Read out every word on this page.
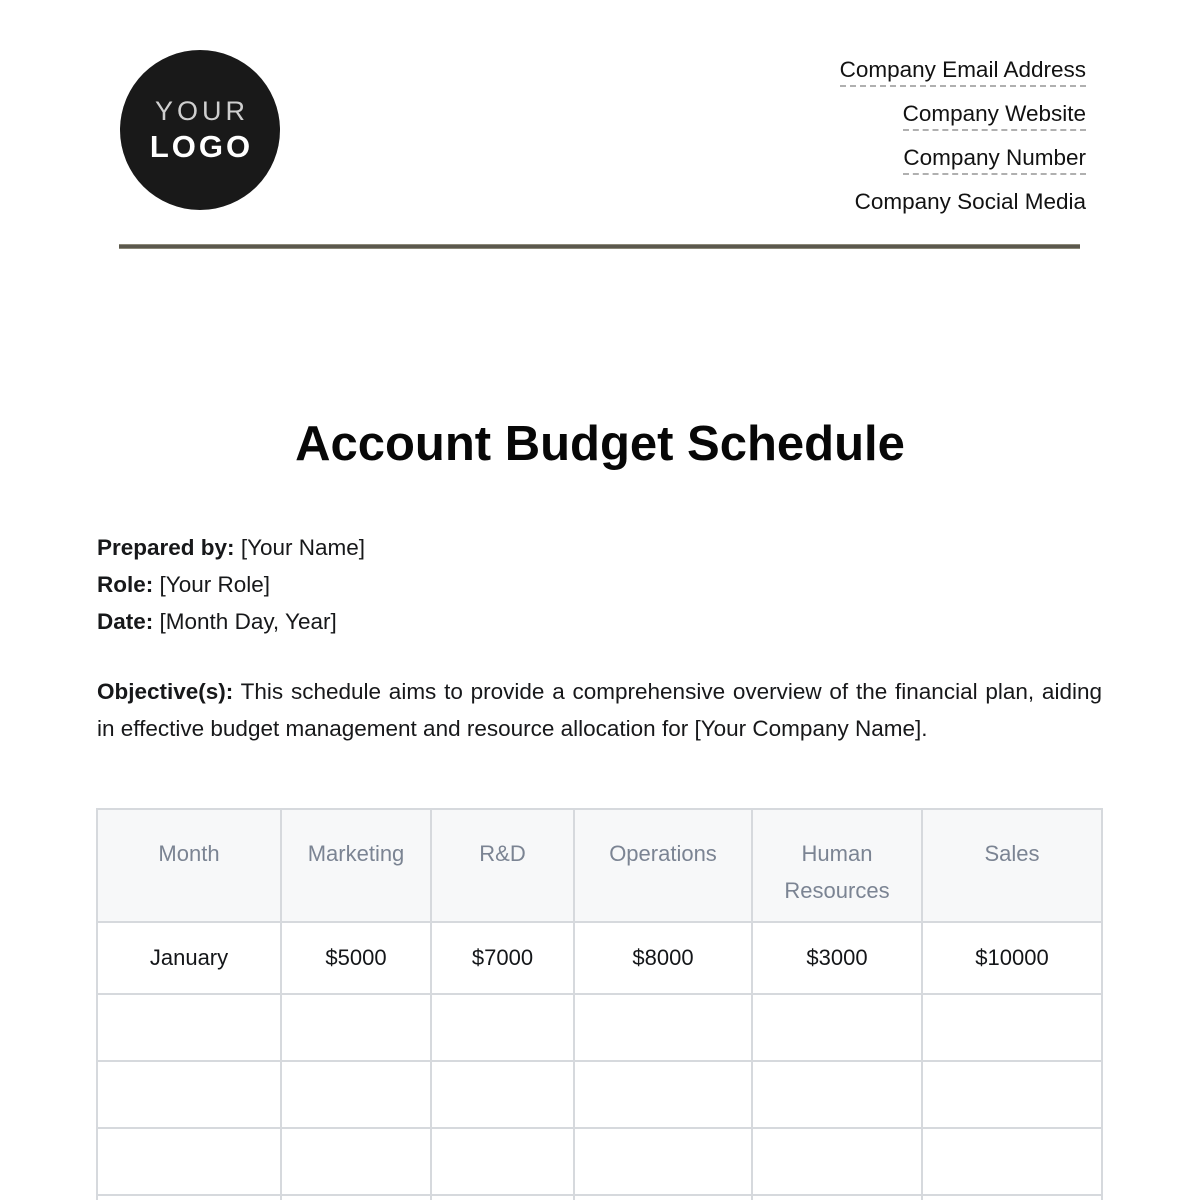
YOUR
LOGO
Company Email Address
Company Website
Company Number
Company Social Media
Account Budget Schedule
Prepared by: [Your Name]
Role: [Your Role]
Date: [Month Day, Year]
Objective(s): This schedule aims to provide a comprehensive overview of the financial plan, aiding in effective budget management and resource allocation for [Your Company Name].
Month	Marketing	R&D	Operations	Human Resources	Sales
January	$5000	$7000	$8000	$3000	$10000
